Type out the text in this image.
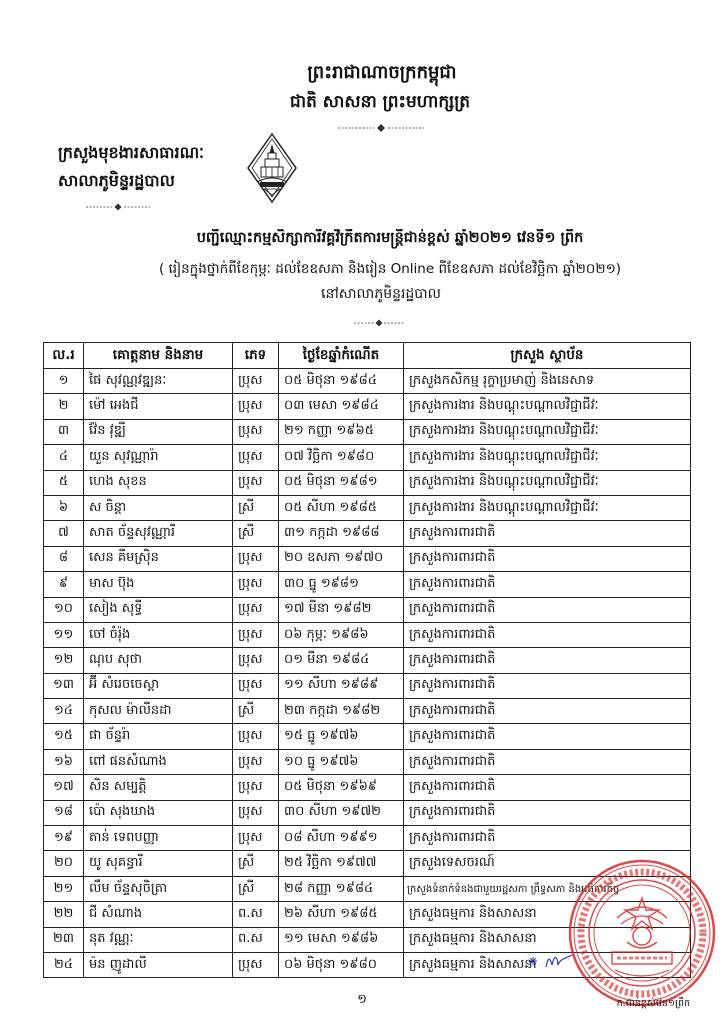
ព្រះរាជាណាចក្រកម្ពុជា
ជាតិ សាសនា ព្រះមហាក្សត្រ
ក្រសួងមុខងារសាធារណៈ
សាលាភូមិន្ទរដ្ឋបាល
បញ្ជីឈ្មោះកម្មសិក្សាការីវគ្គវិក្រឹតការមន្ត្រីជាន់ខ្ពស់ ឆ្នាំ២០២១ វេនទី១ ព្រឹក
( រៀនក្នុងថ្នាក់ពីខែកុម្ភៈ ដល់ខែឧសភា និងរៀន Online ពីខែឧសភា ដល់ខែវិច្ឆិកា ឆ្នាំ២០២១)
នៅសាលាភូមិន្ទរដ្ឋបាល
ល.រ	គោត្តនាម និងនាម	ភេទ	ថ្ងៃខែឆ្នាំកំណើត	ក្រសួង ស្ថាប័ន
១	ផៃ សុវណ្ណវឌ្ឍនៈ	ប្រុស	០៥ មិថុនា ១៩៨៤	ក្រសួងកសិកម្ម រុក្ខាប្រមាញ់ និងនេសាទ
២	ម៉ៅ អេងជី	ប្រុស	០៣ មេសា ១៩៨៤	ក្រសួងការងារ និងបណ្តុះបណ្តាលវិជ្ជាជីវៈ
៣	វ៉ែន វុឌ្ឍី	ប្រុស	២១ កញ្ញា ១៩៦៥	ក្រសួងការងារ និងបណ្តុះបណ្តាលវិជ្ជាជីវៈ
៤	យួន សុវណ្ណារ៉ា	ប្រុស	០៧ វិច្ឆិកា ១៩៨០	ក្រសួងការងារ និងបណ្តុះបណ្តាលវិជ្ជាជីវៈ
៥	ហេង សុខន	ប្រុស	០៥ មិថុនា ១៩៨១	ក្រសួងការងារ និងបណ្តុះបណ្តាលវិជ្ជាជីវៈ
៦	ស ចិន្តា	ស្រី	០៥ សីហា ១៩៨៥	ក្រសួងការងារ និងបណ្តុះបណ្តាលវិជ្ជាជីវៈ
៧	សាត ច័ន្ទសុវណ្ណារី	ស្រី	៣១ កក្កដា ១៩៨៨	ក្រសួងការពារជាតិ
៨	សេន គីមស្រ៊ិន	ប្រុស	២០ ឧសភា ១៩៧០	ក្រសួងការពារជាតិ
៩	មាស ប៊ុង	ប្រុស	៣០ ធ្នូ ១៩៨១	ក្រសួងការពារជាតិ
១០	សៀង សុទ្ធី	ប្រុស	១៧ មីនា ១៩៨២	ក្រសួងការពារជាតិ
១១	ចៅ ចំរ៉ុង	ប្រុស	០៦ កុម្ភៈ ១៩៨៦	ក្រសួងការពារជាតិ
១២	ណុប សុថា	ប្រុស	០១ មីនា ១៩៨៤	ក្រសួងការពារជាតិ
១៣	អ៊ី សំរេចចេស្តា	ប្រុស	១១ សីហា ១៩៨៩	ក្រសួងការពារជាតិ
១៤	កុសល ម៉ាលីនដា	ស្រី	២៣ កក្កដា ១៩៨២	ក្រសួងការពារជាតិ
១៥	ផា ច័ន្ទរ៉ា	ប្រុស	១៥ ធ្នូ ១៩៧៦	ក្រសួងការពារជាតិ
១៦	ពៅ ផនសំណាង	ប្រុស	១០ ធ្នូ ១៩៧៦	ក្រសួងការពារជាតិ
១៧	សិន សម្បត្តិ	ប្រុស	០៥ មិថុនា ១៩៦៩	ក្រសួងការពារជាតិ
១៨	ប៉ោ សុងឃាង	ប្រុស	៣០ សីហា ១៩៧២	ក្រសួងការពារជាតិ
១៩	តាន់ ទេពបញ្ញា	ប្រុស	០៨ សីហា ១៩៩១	ក្រសួងការពារជាតិ
២០	យូ សុគន្ធារី	ស្រី	២៥ វិច្ឆិកា ១៩៧៧	ក្រសួងទេសចរណ៍
២១	លឹម ច័ន្ទសុចិត្រា	ស្រី	២៨ កញ្ញា ១៩៨៤	ក្រសួងទំនាក់ទំនងជាមួយរដ្ឋសភា ព្រឹទ្ធសភា និងអធិការកិច្ច
២២	ជី សំណាង	ព.ស	២៦ សីហា ១៩៨៥	ក្រសួងធម្មការ និងសាសនា
២៣	នុត វណ្ណៈ	ព.ស	១១ មេសា ១៩៨៦	ក្រសួងធម្មការ និងសាសនា
២៤	ម៉ន ញូដាលី	ប្រុស	០៦ មិថុនា ១៩៨០	ក្រសួងធម្មការ និងសាសនា
១	ក.ជាន់ខ្ពស់វេន១ព្រឹក
